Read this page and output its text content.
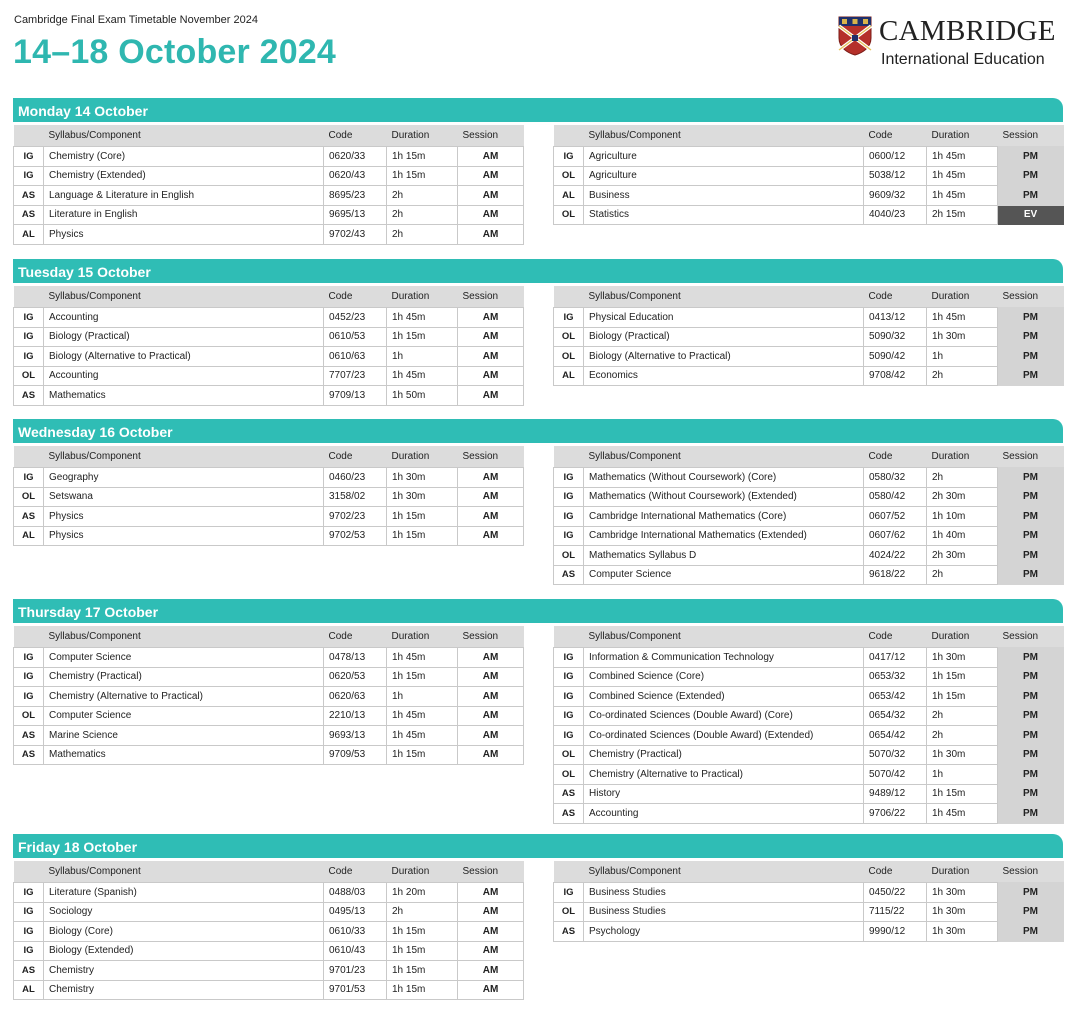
Cambridge Final Exam Timetable November 2024
14–18 October 2024
CAMBRIDGE
International Education
Monday 14 October
	Syllabus/Component	Code	Duration	Session
IG	Chemistry (Core)	0620/33	1h 15m	AM
IG	Chemistry (Extended)	0620/43	1h 15m	AM
AS	Language & Literature in English	8695/23	2h	AM
AS	Literature in English	9695/13	2h	AM
AL	Physics	9702/43	2h	AM
	Syllabus/Component	Code	Duration	Session
IG	Agriculture	0600/12	1h 45m	PM
OL	Agriculture	5038/12	1h 45m	PM
AL	Business	9609/32	1h 45m	PM
OL	Statistics	4040/23	2h 15m	EV
Tuesday 15 October
	Syllabus/Component	Code	Duration	Session
IG	Accounting	0452/23	1h 45m	AM
IG	Biology (Practical)	0610/53	1h 15m	AM
IG	Biology (Alternative to Practical)	0610/63	1h	AM
OL	Accounting	7707/23	1h 45m	AM
AS	Mathematics	9709/13	1h 50m	AM
	Syllabus/Component	Code	Duration	Session
IG	Physical Education	0413/12	1h 45m	PM
OL	Biology (Practical)	5090/32	1h 30m	PM
OL	Biology (Alternative to Practical)	5090/42	1h	PM
AL	Economics	9708/42	2h	PM
Wednesday 16 October
	Syllabus/Component	Code	Duration	Session
IG	Geography	0460/23	1h 30m	AM
OL	Setswana	3158/02	1h 30m	AM
AS	Physics	9702/23	1h 15m	AM
AL	Physics	9702/53	1h 15m	AM
	Syllabus/Component	Code	Duration	Session
IG	Mathematics (Without Coursework) (Core)	0580/32	2h	PM
IG	Mathematics (Without Coursework) (Extended)	0580/42	2h 30m	PM
IG	Cambridge International Mathematics (Core)	0607/52	1h 10m	PM
IG	Cambridge International Mathematics (Extended)	0607/62	1h 40m	PM
OL	Mathematics Syllabus D	4024/22	2h 30m	PM
AS	Computer Science	9618/22	2h	PM
Thursday 17 October
	Syllabus/Component	Code	Duration	Session
IG	Computer Science	0478/13	1h 45m	AM
IG	Chemistry (Practical)	0620/53	1h 15m	AM
IG	Chemistry (Alternative to Practical)	0620/63	1h	AM
OL	Computer Science	2210/13	1h 45m	AM
AS	Marine Science	9693/13	1h 45m	AM
AS	Mathematics	9709/53	1h 15m	AM
	Syllabus/Component	Code	Duration	Session
IG	Information & Communication Technology	0417/12	1h 30m	PM
IG	Combined Science (Core)	0653/32	1h 15m	PM
IG	Combined Science (Extended)	0653/42	1h 15m	PM
IG	Co-ordinated Sciences (Double Award) (Core)	0654/32	2h	PM
IG	Co-ordinated Sciences (Double Award) (Extended)	0654/42	2h	PM
OL	Chemistry (Practical)	5070/32	1h 30m	PM
OL	Chemistry (Alternative to Practical)	5070/42	1h	PM
AS	History	9489/12	1h 15m	PM
AS	Accounting	9706/22	1h 45m	PM
Friday 18 October
	Syllabus/Component	Code	Duration	Session
IG	Literature (Spanish)	0488/03	1h 20m	AM
IG	Sociology	0495/13	2h	AM
IG	Biology (Core)	0610/33	1h 15m	AM
IG	Biology (Extended)	0610/43	1h 15m	AM
AS	Chemistry	9701/23	1h 15m	AM
AL	Chemistry	9701/53	1h 15m	AM
	Syllabus/Component	Code	Duration	Session
IG	Business Studies	0450/22	1h 30m	PM
OL	Business Studies	7115/22	1h 30m	PM
AS	Psychology	9990/12	1h 30m	PM
